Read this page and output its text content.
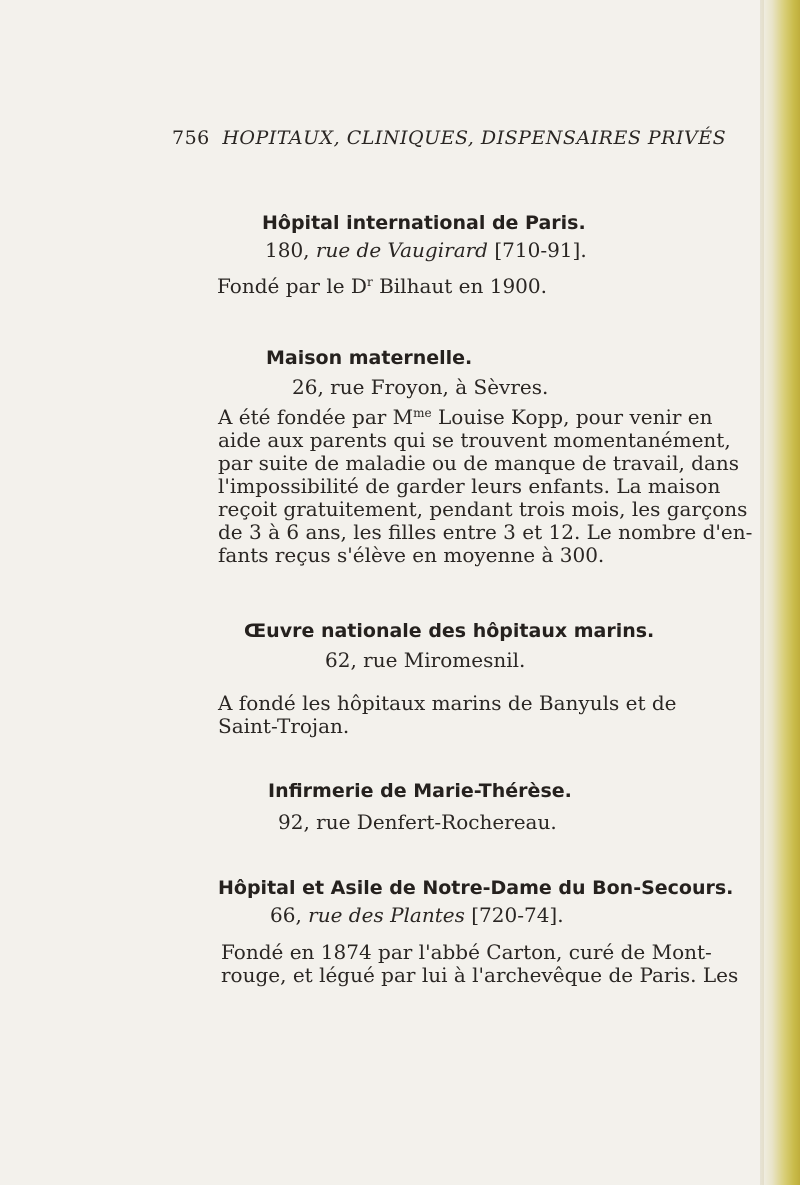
756 HOPITAUX, CLINIQUES, DISPENSAIRES PRIVÉS
Hôpital international de Paris.
180, rue de Vaugirard [710-91].
Fondé par le $D^r$ Bilhaut en 1900.
Maison maternelle.
26, rue Froyon, à Sèvres.
A été fondée par $M^{me}$ Louise Kopp, pour venir en
aide aux parents qui se trouvent momentanément,
par suite de maladie ou de manque de travail, dans
l'impossibilité de garder leurs enfants. La maison
reçoit gratuitement, pendant trois mois, les garçons
de 3 à 6 ans, les filles entre 3 et 12. Le nombre d'en-
fants reçus s'élève en moyenne à 300.
Œuvre nationale des hôpitaux marins.
62, rue Miromesnil.
A fondé les hôpitaux marins de Banyuls et de
Saint-Trojan.
Infirmerie de Marie-Thérèse.
92, rue Denfert-Rochereau.
Hôpital et Asile de Notre-Dame du Bon-Secours.
66, rue des Plantes [720-74].
Fondé en 1874 par l'abbé Carton, curé de Mont-
rouge, et légué par lui à l'archevêque de Paris. Les
